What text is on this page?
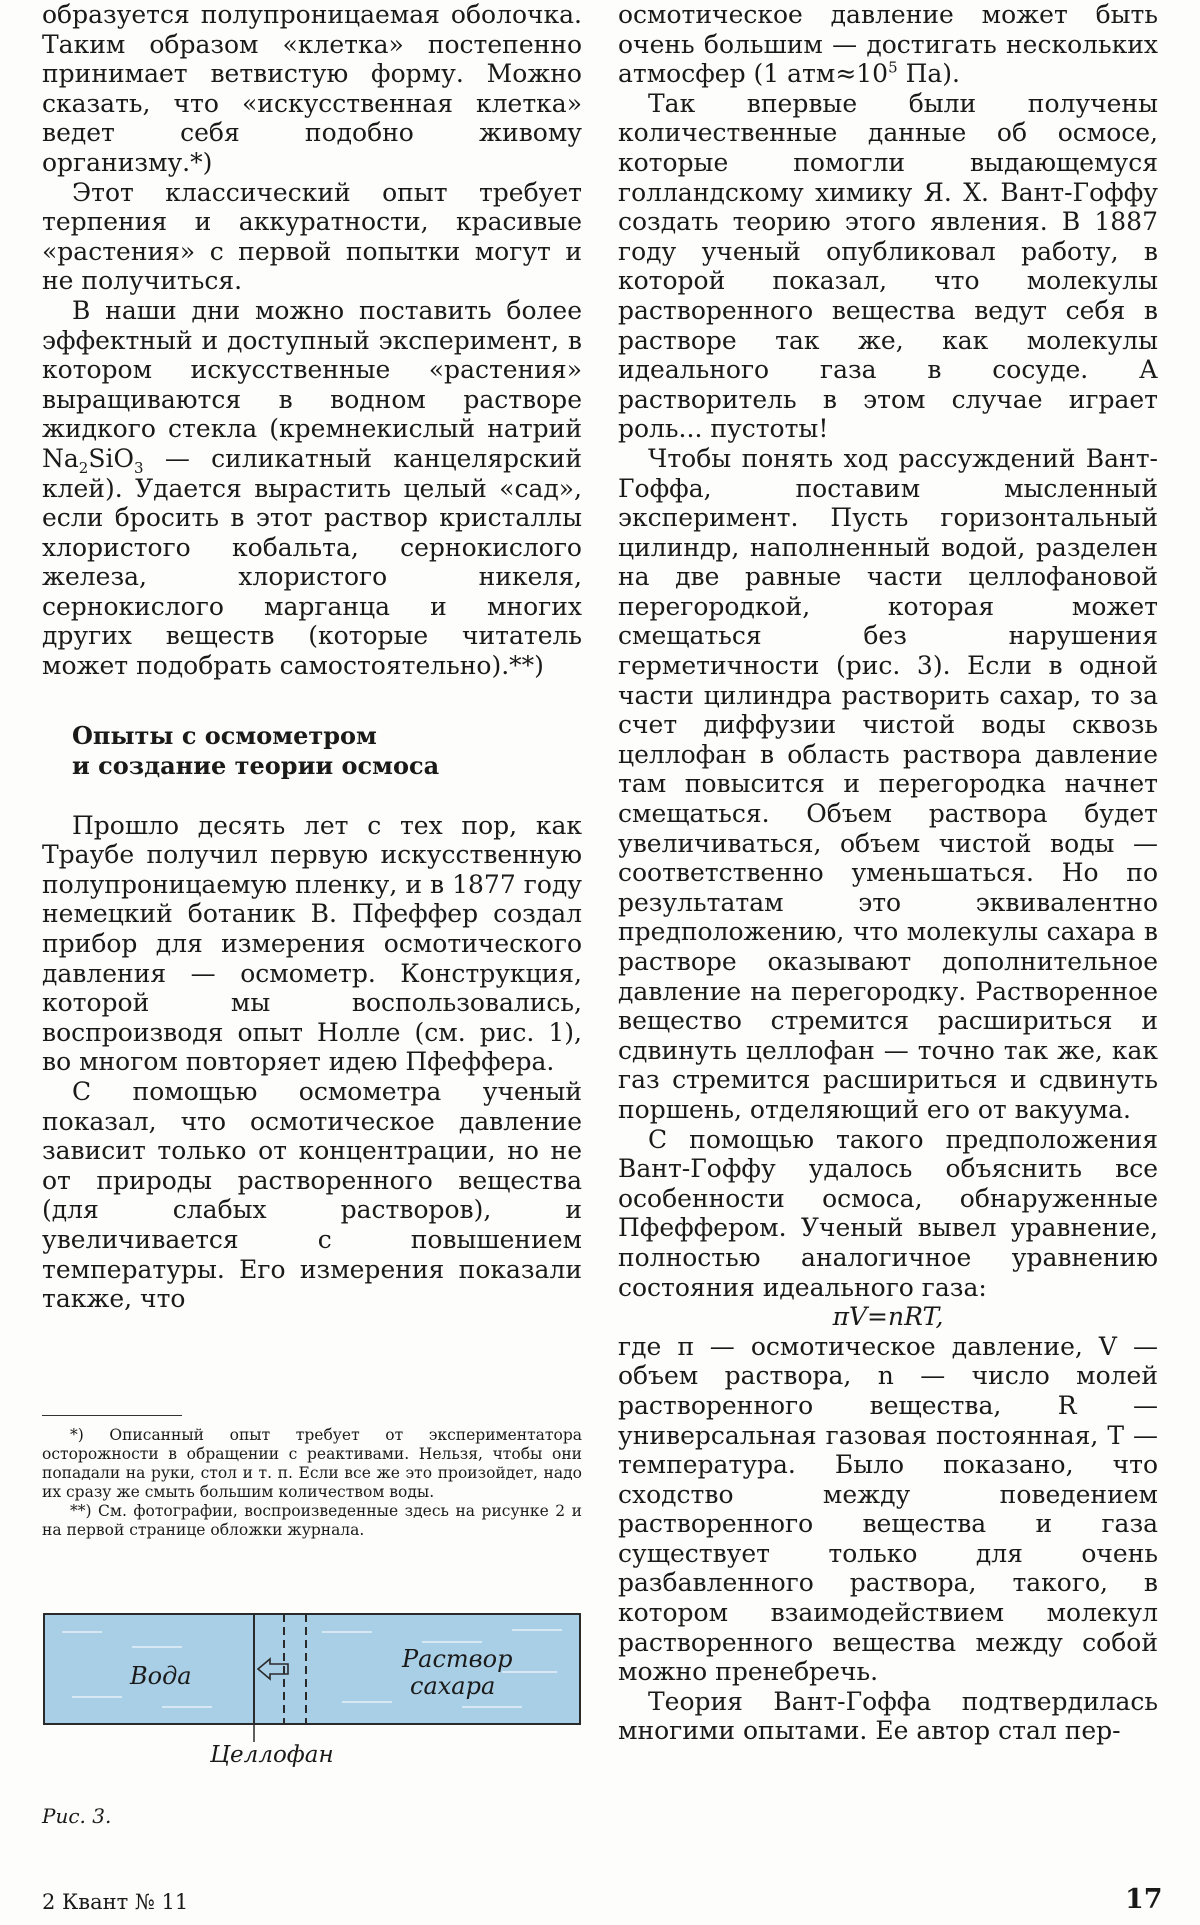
образуется полупроницаемая оболочка. Таким образом «клетка» постепенно принимает ветвистую форму. Можно сказать, что «искусственная клетка» ведет себя подобно живому организму.*)

Этот классический опыт требует терпения и аккуратности, красивые «растения» с первой попытки могут и не получиться.

В наши дни можно поставить более эффектный и доступный эксперимент, в котором искусственные «растения» выращиваются в водном растворе жидкого стекла (кремнекислый натрий $Na_2SiO_3$ — силикатный канцелярский клей). Удается вырастить целый «сад», если бросить в этот раствор кристаллы хлористого кобальта, сернокислого железа, хлористого никеля, сернокислого марганца и многих других веществ (которые читатель может подобрать самостоятельно).**)

Опыты с осмометром
и создание теории осмоса

Прошло десять лет с тех пор, как Траубе получил первую искусственную полупроницаемую пленку, и в 1877 году немецкий ботаник В. Пфеффер создал прибор для измерения осмотического давления — осмометр. Конструкция, которой мы воспользовались, воспроизводя опыт Нолле (см. рис. 1), во многом повторяет идею Пфеффера.

С помощью осмометра ученый показал, что осмотическое давление зависит только от концентрации, но не от природы растворенного вещества (для слабых растворов), и увеличивается с повышением температуры. Его измерения показали также, что

*) Описанный опыт требует от экспериментатора осторожности в обращении с реактивами. Нельзя, чтобы они попадали на руки, стол и т. п. Если все же это произойдет, надо их сразу же смыть большим количеством воды.

**) См. фотографии, воспроизведенные здесь на рисунке 2 и на первой странице обложки журнала.

Вода
Раствор
сахара
Целлофан
Рис. 3.

осмотическое давление может быть очень большим — достигать нескольких атмосфер (1 $атм\approx 10^5$ Па).

Так впервые были получены количественные данные об осмосе, которые помогли выдающемуся голландскому химику Я. Х. Вант-Гоффу создать теорию этого явления. В 1887 году ученый опубликовал работу, в которой показал, что молекулы растворенного вещества ведут себя в растворе так же, как молекулы идеального газа в сосуде. А растворитель в этом случае играет роль... пустоты!

Чтобы понять ход рассуждений Вант-Гоффа, поставим мысленный эксперимент. Пусть горизонтальный цилиндр, наполненный водой, разделен на две равные части целлофановой перегородкой, которая может смещаться без нарушения герметичности (рис. 3). Если в одной части цилиндра растворить сахар, то за счет диффузии чистой воды сквозь целлофан в область раствора давление там повысится и перегородка начнет смещаться. Объем раствора будет увеличиваться, объем чистой воды — соответственно уменьшаться. Но по результатам это эквивалентно предположению, что молекулы сахара в растворе оказывают дополнительное давление на перегородку. Растворенное вещество стремится расшириться и сдвинуть целлофан — точно так же, как газ стремится расшириться и сдвинуть поршень, отделяющий его от вакуума.

С помощью такого предположения Вант-Гоффу удалось объяснить все особенности осмоса, обнаруженные Пфеффером. Ученый вывел уравнение, полностью аналогичное уравнению состояния идеального газа:

πV=nRT,

где π — осмотическое давление, V — объем раствора, n — число молей растворенного вещества, R — универсальная газовая постоянная, T — температура. Было показано, что сходство между поведением растворенного вещества и газа существует только для очень разбавленного раствора, такого, в котором взаимодействием молекул растворенного вещества между собой можно пренебречь.

Теория Вант-Гоффа подтвердилась многими опытами. Ее автор стал пер-

2 Квант № 11	17
